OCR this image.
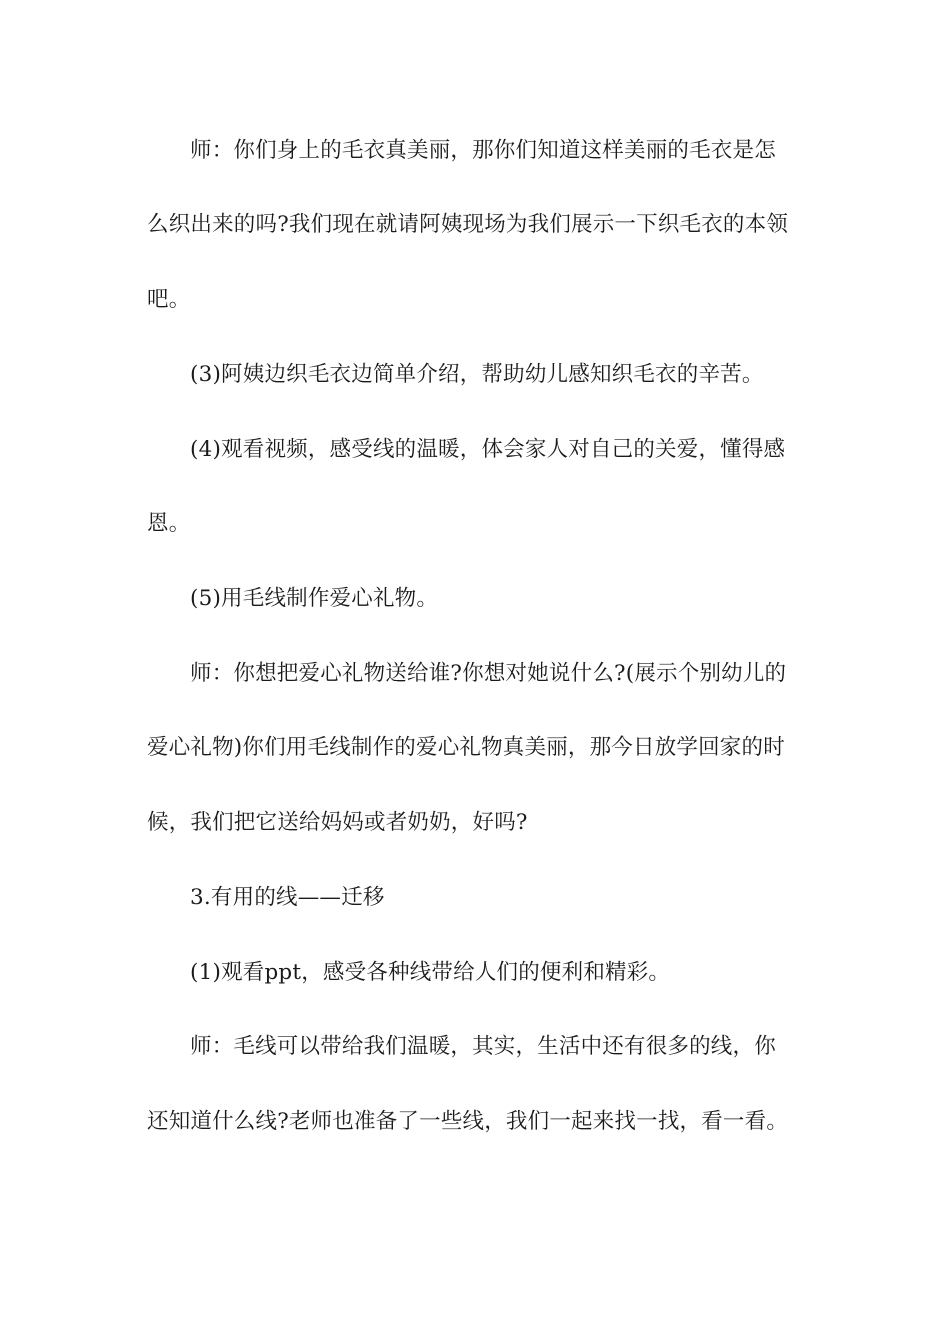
师：你们身上的毛衣真美丽，那你们知道这样美丽的毛衣是怎
么织出来的吗?我们现在就请阿姨现场为我们展示一下织毛衣的本领
吧。
(3)阿姨边织毛衣边简单介绍，帮助幼儿感知织毛衣的辛苦。
(4)观看视频，感受线的温暖，体会家人对自己的关爱，懂得感
恩。
(5)用毛线制作爱心礼物。
师：你想把爱心礼物送给谁?你想对她说什么?(展示个别幼儿的
爱心礼物)你们用毛线制作的爱心礼物真美丽，那今日放学回家的时
候，我们把它送给妈妈或者奶奶，好吗?
3.有用的线——迁移
(1)观看ppt，感受各种线带给人们的便利和精彩。
师：毛线可以带给我们温暖，其实，生活中还有很多的线，你
还知道什么线?老师也准备了一些线，我们一起来找一找，看一看。
